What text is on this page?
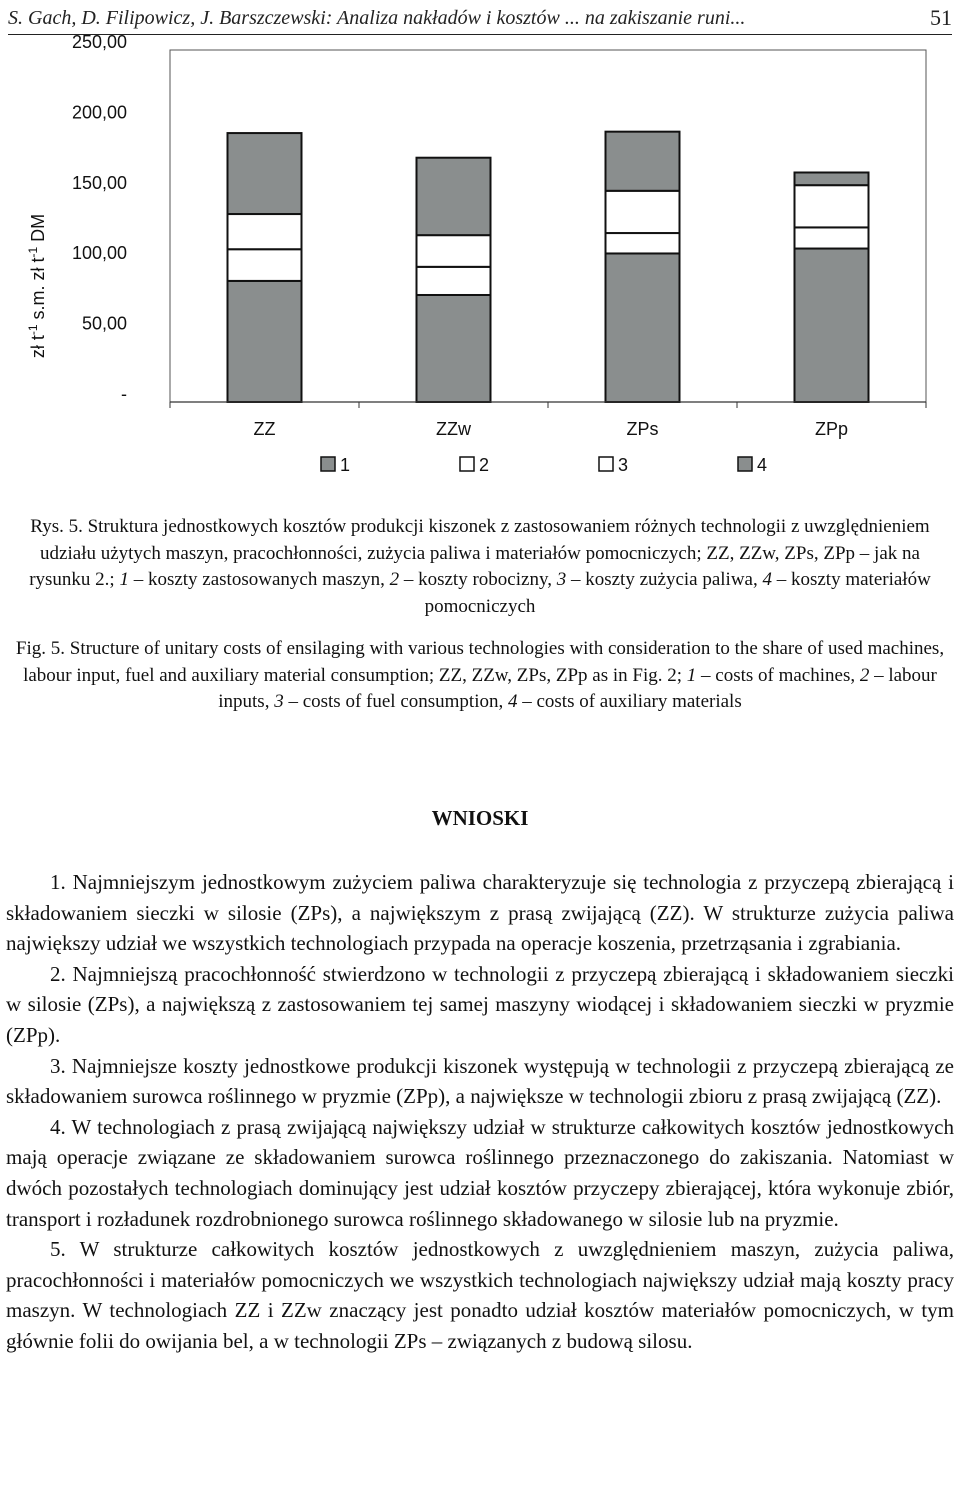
S. Gach, D. Filipowicz, J. Barszczewski: Analiza nakładów i kosztów ... na zakiszanie runi...	51
-
50,00
100,00
150,00
200,00
250,00
ZZ	ZZw	ZPs	ZPp
zł $t^{-1}$ s.m. zł $t^{-1}$ DM
1	2	3	4
Rys. 5. Struktura jednostkowych kosztów produkcji kiszonek z zastosowaniem różnych technologii z uwzględnieniem udziału użytych maszyn, pracochłonności, zużycia paliwa i materiałów pomocniczych; ZZ, ZZw, ZPs, ZPp – jak na rysunku 2.; 1 – koszty zastosowanych maszyn, 2 – koszty robocizny, 3 – koszty zużycia paliwa, 4 – koszty materiałów pomocniczych
Fig. 5. Structure of unitary costs of ensilaging with various technologies with consideration to the share of used machines, labour input, fuel and auxiliary material consumption; ZZ, ZZw, ZPs, ZPp as in Fig. 2; 1 – costs of machines, 2 – labour inputs, 3 – costs of fuel consumption, 4 – costs of auxiliary materials
WNIOSKI

1. Najmniejszym jednostkowym zużyciem paliwa charakteryzuje się technologia z przyczepą zbierającą i składowaniem sieczki w silosie (ZPs), a największym z prasą zwijającą (ZZ). W strukturze zużycia paliwa największy udział we wszystkich technologiach przypada na operacje koszenia, przetrząsania i zgrabiania.

2. Najmniejszą pracochłonność stwierdzono w technologii z przyczepą zbierającą i składowaniem sieczki w silosie (ZPs), a największą z zastosowaniem tej samej maszyny wiodącej i składowaniem sieczki w pryzmie (ZPp).

3. Najmniejsze koszty jednostkowe produkcji kiszonek występują w technologii z przyczepą zbierającą ze składowaniem surowca roślinnego w pryzmie (ZPp), a największe w technologii zbioru z prasą zwijającą (ZZ).

4. W technologiach z prasą zwijającą największy udział w strukturze całkowitych kosztów jednostkowych mają operacje związane ze składowaniem surowca roślinnego przeznaczonego do zakiszania. Natomiast w dwóch pozostałych technologiach dominujący jest udział kosztów przyczepy zbierającej, która wykonuje zbiór, transport i rozładunek rozdrobnionego surowca roślinnego składowanego w silosie lub na pryzmie.

5. W strukturze całkowitych kosztów jednostkowych z uwzględnieniem maszyn, zużycia paliwa, pracochłonności i materiałów pomocniczych we wszystkich technologiach największy udział mają koszty pracy maszyn. W technologiach ZZ i ZZw znaczący jest ponadto udział kosztów materiałów pomocniczych, w tym głównie folii do owijania bel, a w technologii ZPs – związanych z budową silosu.
